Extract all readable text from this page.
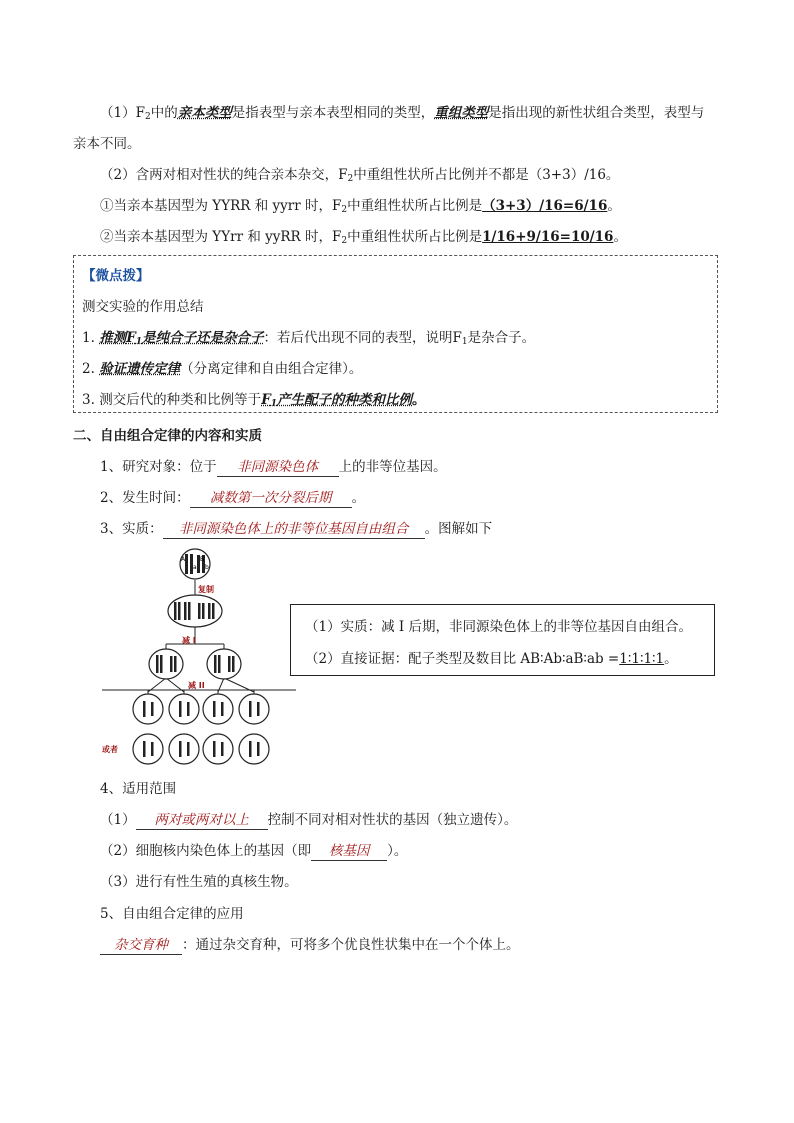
$(1)F_2$中的亲本类型是指表型与亲本表型相同的类型，重组类型是指出现的新性状组合类型，表型与
亲本不同。
（2）含两对相对性状的纯合亲本杂交，$F_2$中重组性状所占比例并不都是（3+3）/16。
①当亲本基因型为 YYRR 和 yyrr 时，$F_2$中重组性状所占比例是（3+3）/16=6/16。
②当亲本基因型为 YYrr 和 yyRR 时，$F_2$中重组性状所占比例是1/16+9/16=10/16。
【微点拨】
测交实验的作用总结
1. 推测$F_1$是纯合子还是杂合子：若后代出现不同的表型，说明$F_1$是杂合子。
2. 验证遗传定律（分离定律和自由组合定律）。
3. 测交后代的种类和比例等于$F_1$产生配子的种类和比例。
二、自由组合定律的内容和实质
1、研究对象：位于 非同源染色体 上的非等位基因。
2、发生时间： 减数第一次分裂后期 。
3、实质： 非同源染色体上的非等位基因自由组合 。图解如下
A
a
B
b
复制
减 I
减 II
或者
（1）实质：减 I 后期，非同源染色体上的非等位基因自由组合。
（2）直接证据：配子类型及数目比 AB∶Ab∶aB∶ab =1∶1∶1∶1。
4、适用范围
（1） 两对或两对以上 控制不同对相对性状的基因（独立遗传）。
（2）细胞核内染色体上的基因（即 核基因 ）。
（3）进行有性生殖的真核生物。
5、自由组合定律的应用
杂交育种 ：通过杂交育种，可将多个优良性状集中在一个个体上。
